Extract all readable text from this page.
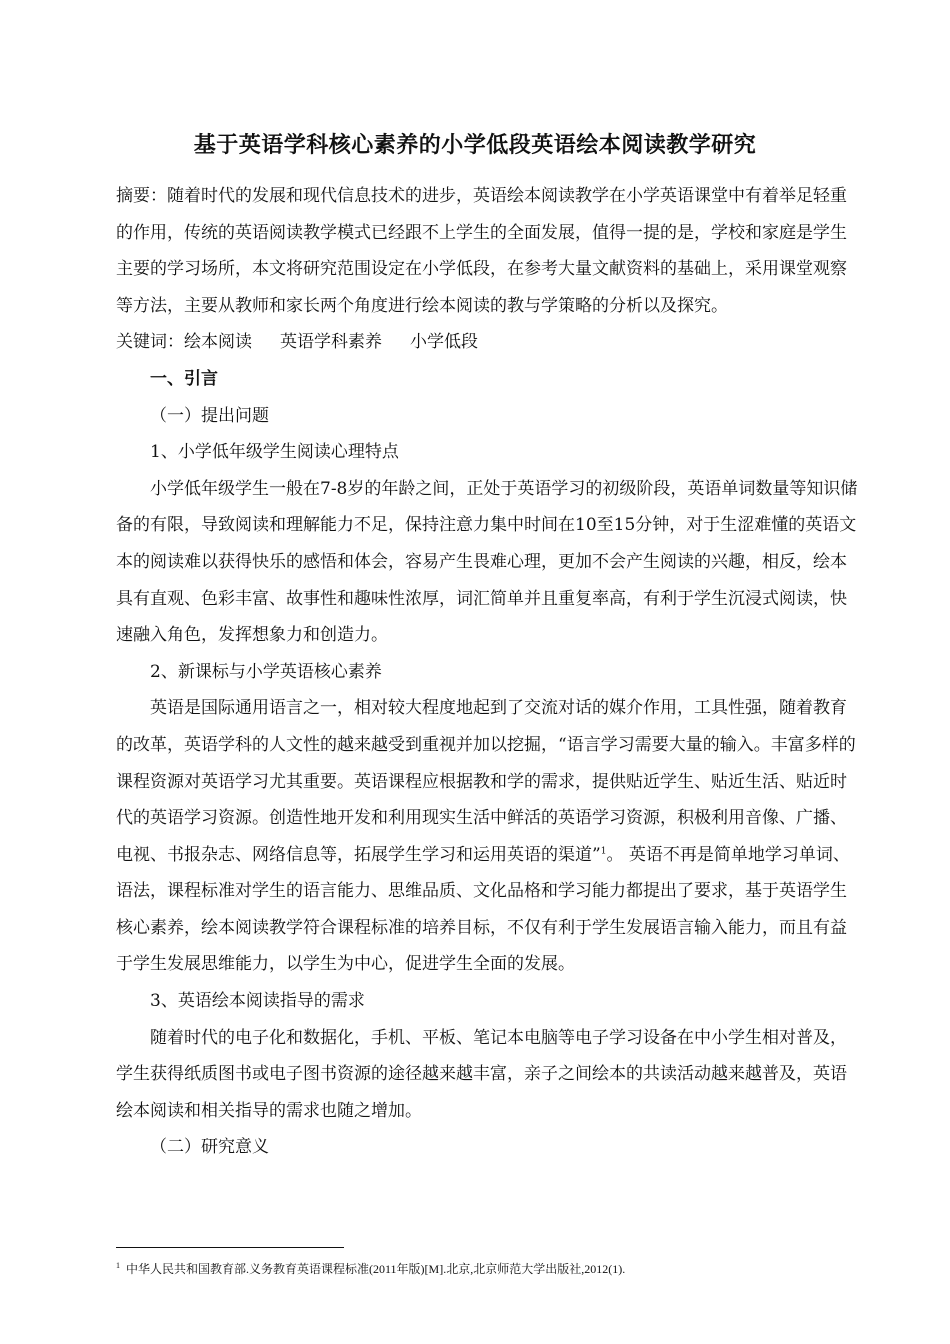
基于英语学科核心素养的小学低段英语绘本阅读教学研究

摘要：随着时代的发展和现代信息技术的进步，英语绘本阅读教学在小学英语课堂中有着举足轻重的作用，传统的英语阅读教学模式已经跟不上学生的全面发展，值得一提的是，学校和家庭是学生主要的学习场所，本文将研究范围设定在小学低段，在参考大量文献资料的基础上，采用课堂观察等方法，主要从教师和家长两个角度进行绘本阅读的教与学策略的分析以及探究。

关键词：绘本阅读 英语学科素养 小学低段

一、引言

（一）提出问题

1、小学低年级学生阅读心理特点

小学低年级学生一般在7-8岁的年龄之间，正处于英语学习的初级阶段，英语单词数量等知识储备的有限，导致阅读和理解能力不足，保持注意力集中时间在10至15分钟，对于生涩难懂的英语文本的阅读难以获得快乐的感悟和体会，容易产生畏难心理，更加不会产生阅读的兴趣，相反，绘本具有直观、色彩丰富、故事性和趣味性浓厚，词汇简单并且重复率高，有利于学生沉浸式阅读，快速融入角色，发挥想象力和创造力。

2、新课标与小学英语核心素养

英语是国际通用语言之一，相对较大程度地起到了交流对话的媒介作用，工具性强，随着教育的改革，英语学科的人文性的越来越受到重视并加以挖掘，“语言学习需要大量的输入。丰富多样的课程资源对英语学习尤其重要。英语课程应根据教和学的需求，提供贴近学生、贴近生活、贴近时代的英语学习资源。创造性地开发和利用现实生活中鲜活的英语学习资源，积极利用音像、广播、电视、书报杂志、网络信息等，拓展学生学习和运用英语的渠道”$^1$。 英语不再是简单地学习单词、语法，课程标准对学生的语言能力、思维品质、文化品格和学习能力都提出了要求，基于英语学生核心素养，绘本阅读教学符合课程标准的培养目标，不仅有利于学生发展语言输入能力，而且有益于学生发展思维能力，以学生为中心，促进学生全面的发展。

3、英语绘本阅读指导的需求

随着时代的电子化和数据化，手机、平板、笔记本电脑等电子学习设备在中小学生相对普及，学生获得纸质图书或电子图书资源的途径越来越丰富，亲子之间绘本的共读活动越来越普及，英语绘本阅读和相关指导的需求也随之增加。

（二）研究意义

$^1$ 中华人民共和国教育部.义务教育英语课程标准(2011年版)[M].北京,北京师范大学出版社,2012(1).
